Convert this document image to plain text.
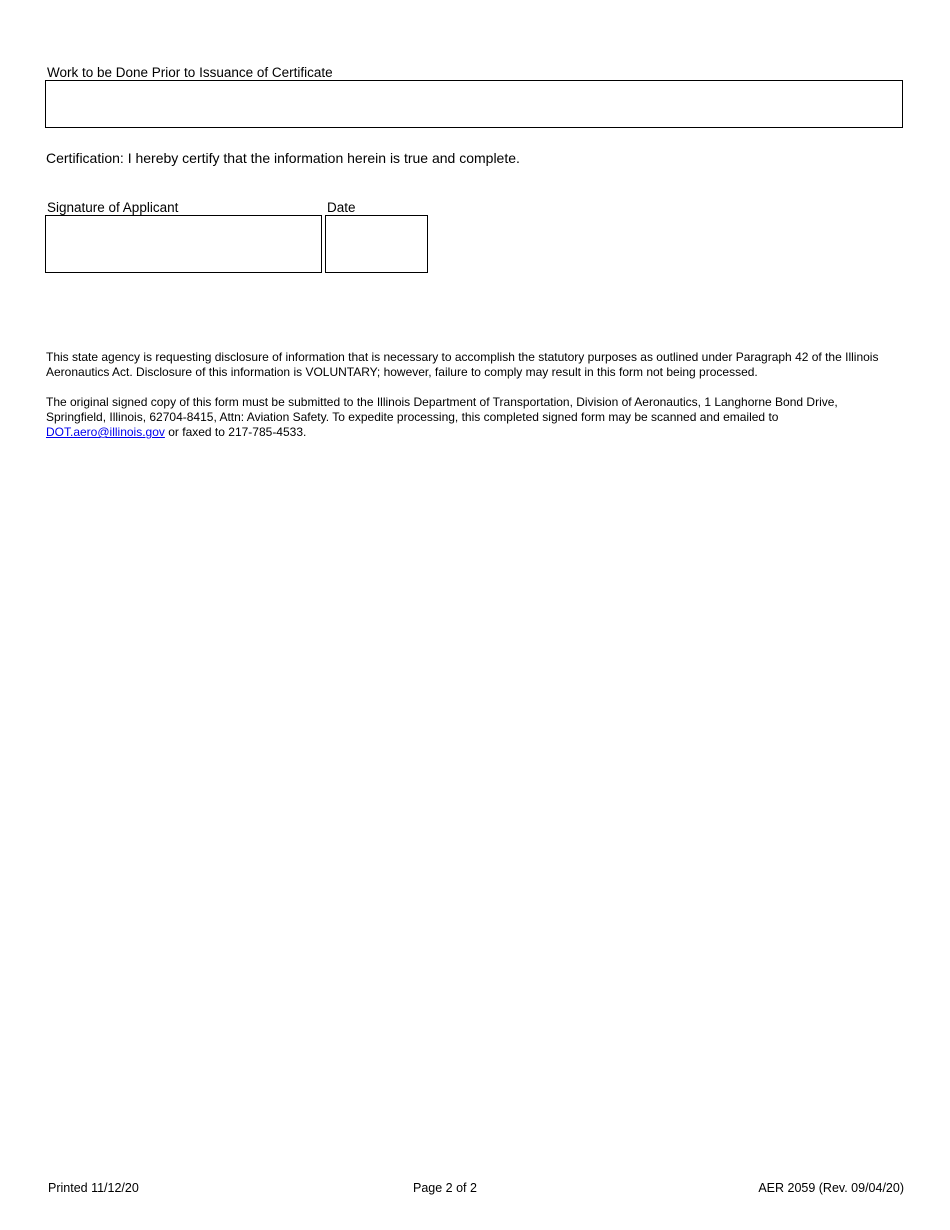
Work to be Done Prior to Issuance of Certificate
Certification: I hereby certify that the information herein is true and complete.
Signature of Applicant	Date
This state agency is requesting disclosure of information that is necessary to accomplish the statutory purposes as outlined under Paragraph 42 of the Illinois Aeronautics Act. Disclosure of this information is VOLUNTARY; however, failure to comply may result in this form not being processed.
The original signed copy of this form must be submitted to the Illinois Department of Transportation, Division of Aeronautics, 1 Langhorne Bond Drive, Springfield, Illinois, 62704-8415, Attn: Aviation Safety. To expedite processing, this completed signed form may be scanned and emailed to DOT.aero@illinois.gov or faxed to 217-785-4533.
Printed 11/12/20	Page 2 of 2	AER 2059 (Rev. 09/04/20)
